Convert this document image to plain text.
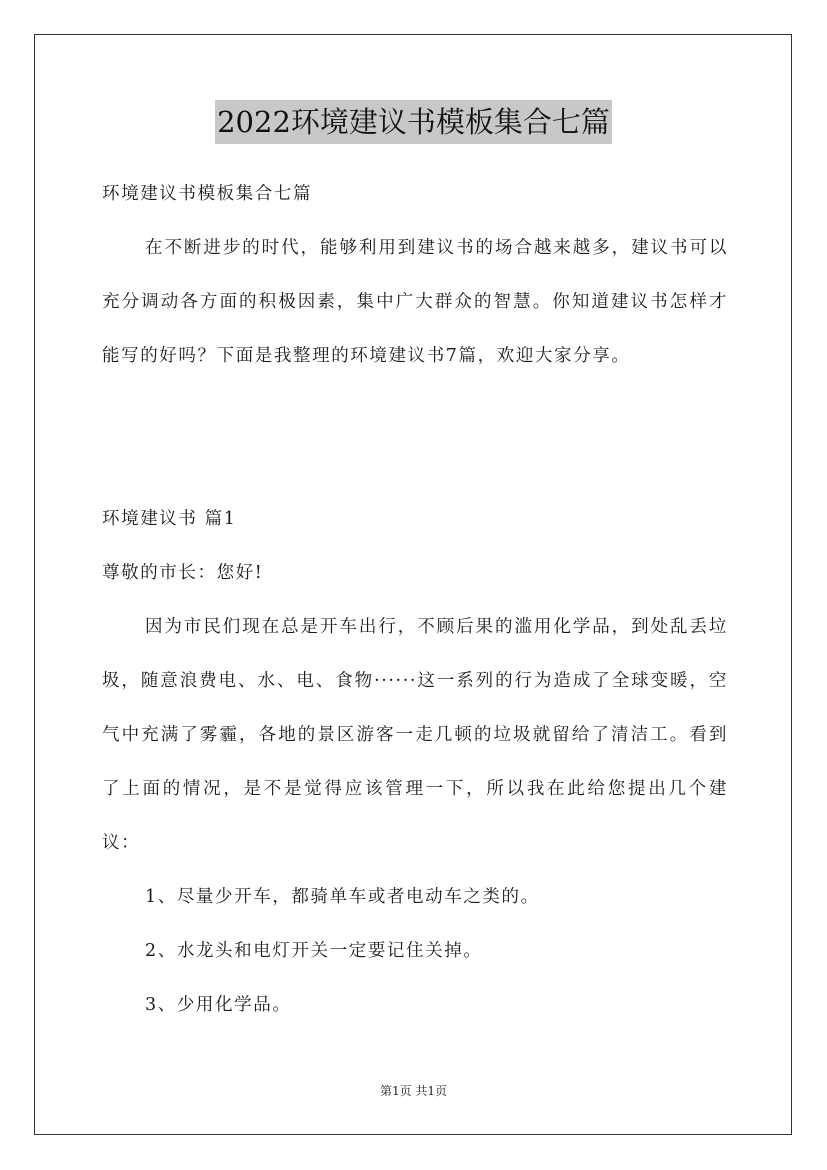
2022环境建议书模板集合七篇

环境建议书模板集合七篇

在不断进步的时代，能够利用到建议书的场合越来越多，建议书可以充分调动各方面的积极因素，集中广大群众的智慧。你知道建议书怎样才能写的好吗？下面是我整理的环境建议书7篇，欢迎大家分享。

环境建议书 篇1

尊敬的市长：您好!

因为市民们现在总是开车出行，不顾后果的滥用化学品，到处乱丢垃圾，随意浪费电、水、电、食物······这一系列的行为造成了全球变暖，空气中充满了雾霾，各地的景区游客一走几顿的垃圾就留给了清洁工。看到了上面的情况，是不是觉得应该管理一下，所以我在此给您提出几个建议：

1、尽量少开车，都骑单车或者电动车之类的。

2、水龙头和电灯开关一定要记住关掉。

3、少用化学品。

第1页 共1页
